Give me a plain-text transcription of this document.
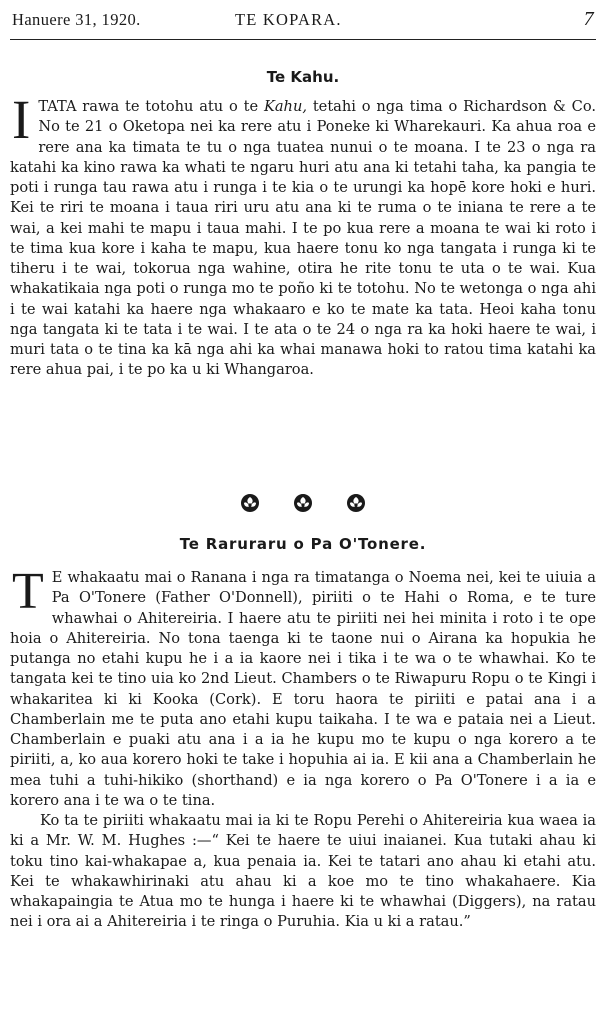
Hanuere 31, 1920.	TE KOPARA.	7
Te Kahu.

ITATA rawa te totohu atu o te Kahu, tetahi o nga tima o Richardson & Co. No te 21 o Oketopa nei ka rere atu i Poneke ki Wharekauri. Ka ahua roa e rere ana ka timata te tu o nga tuatea nunui o te moana. I te 23 o nga ra katahi ka kino rawa ka whati te ngaru huri atu ana ki tetahi taha, ka pangia te poti i runga tau rawa atu i runga i te kia o te urungi ka hopē kore hoki e huri. Kei te riri te moana i taua riri uru atu ana ki te ruma o te iniana te rere a te wai, a kei mahi te mapu i taua mahi. I te po kua rere a moana te wai ki roto i te tima kua kore i kaha te mapu, kua haere tonu ko nga tangata i runga ki te tiheru i te wai, tokorua nga wahine, otira he rite tonu te uta o te wai. Kua whakatikaia nga poti o runga mo te poño ki te totohu. No te wetonga o nga ahi i te wai katahi ka haere nga whakaaro e ko te mate ka tata. Heoi kaha tonu nga tangata ki te tata i te wai. I te ata o te 24 o nga ra ka hoki haere te wai, i muri tata o te tina ka kā nga ahi ka whai manawa hoki to ratou tima katahi ka rere ahua pai, i te po ka u ki Whangaroa.

Te Raruraru o Pa O'Tonere.

T E whakaatu mai o Ranana i nga ra timatanga o Noema nei, kei te uiuia a Pa O'Tonere (Father O'Donnell), piriiti o te Hahi o Roma, e te ture whawhai o Ahitereiria. I haere atu te piriiti nei hei minita i roto i te ope hoia o Ahitereiria. No tona taenga ki te taone nui o Airana ka hopukia he putanga no etahi kupu he i a ia kaore nei i tika i te wa o te whawhai. Ko te tangata kei te tino uia ko 2nd Lieut. Chambers o te Riwapuru Ropu o te Kingi i whakaritea ki ki Kooka (Cork). E toru haora te piriiti e patai ana i a Chamberlain me te puta ano etahi kupu taikaha. I te wa e pataia nei a Lieut. Chamberlain e puaki atu ana i a ia he kupu mo te kupu o nga korero a te piriiti, a, ko aua korero hoki te take i hopuhia ai ia. E kii ana a Chamberlain he mea tuhi a tuhi-hikiko (shorthand) e ia nga korero o Pa O'Tonere i a ia e korero ana i te wa o te tina.

Ko ta te piriiti whakaatu mai ia ki te Ropu Perehi o Ahitereiria kua waea ia ki a Mr. W. M. Hughes :—“ Kei te haere te uiui inaianei. Kua tutaki ahau ki toku tino kai-whakapae a, kua penaia ia. Kei te tatari ano ahau ki etahi atu. Kei te whakawhirinaki atu ahau ki a koe mo te tino whakahaere. Kia whakapaingia te Atua mo te hunga i haere ki te whawhai (Diggers), na ratau nei i ora ai a Ahitereiria i te ringa o Puruhia. Kia u ki a ratau.”
